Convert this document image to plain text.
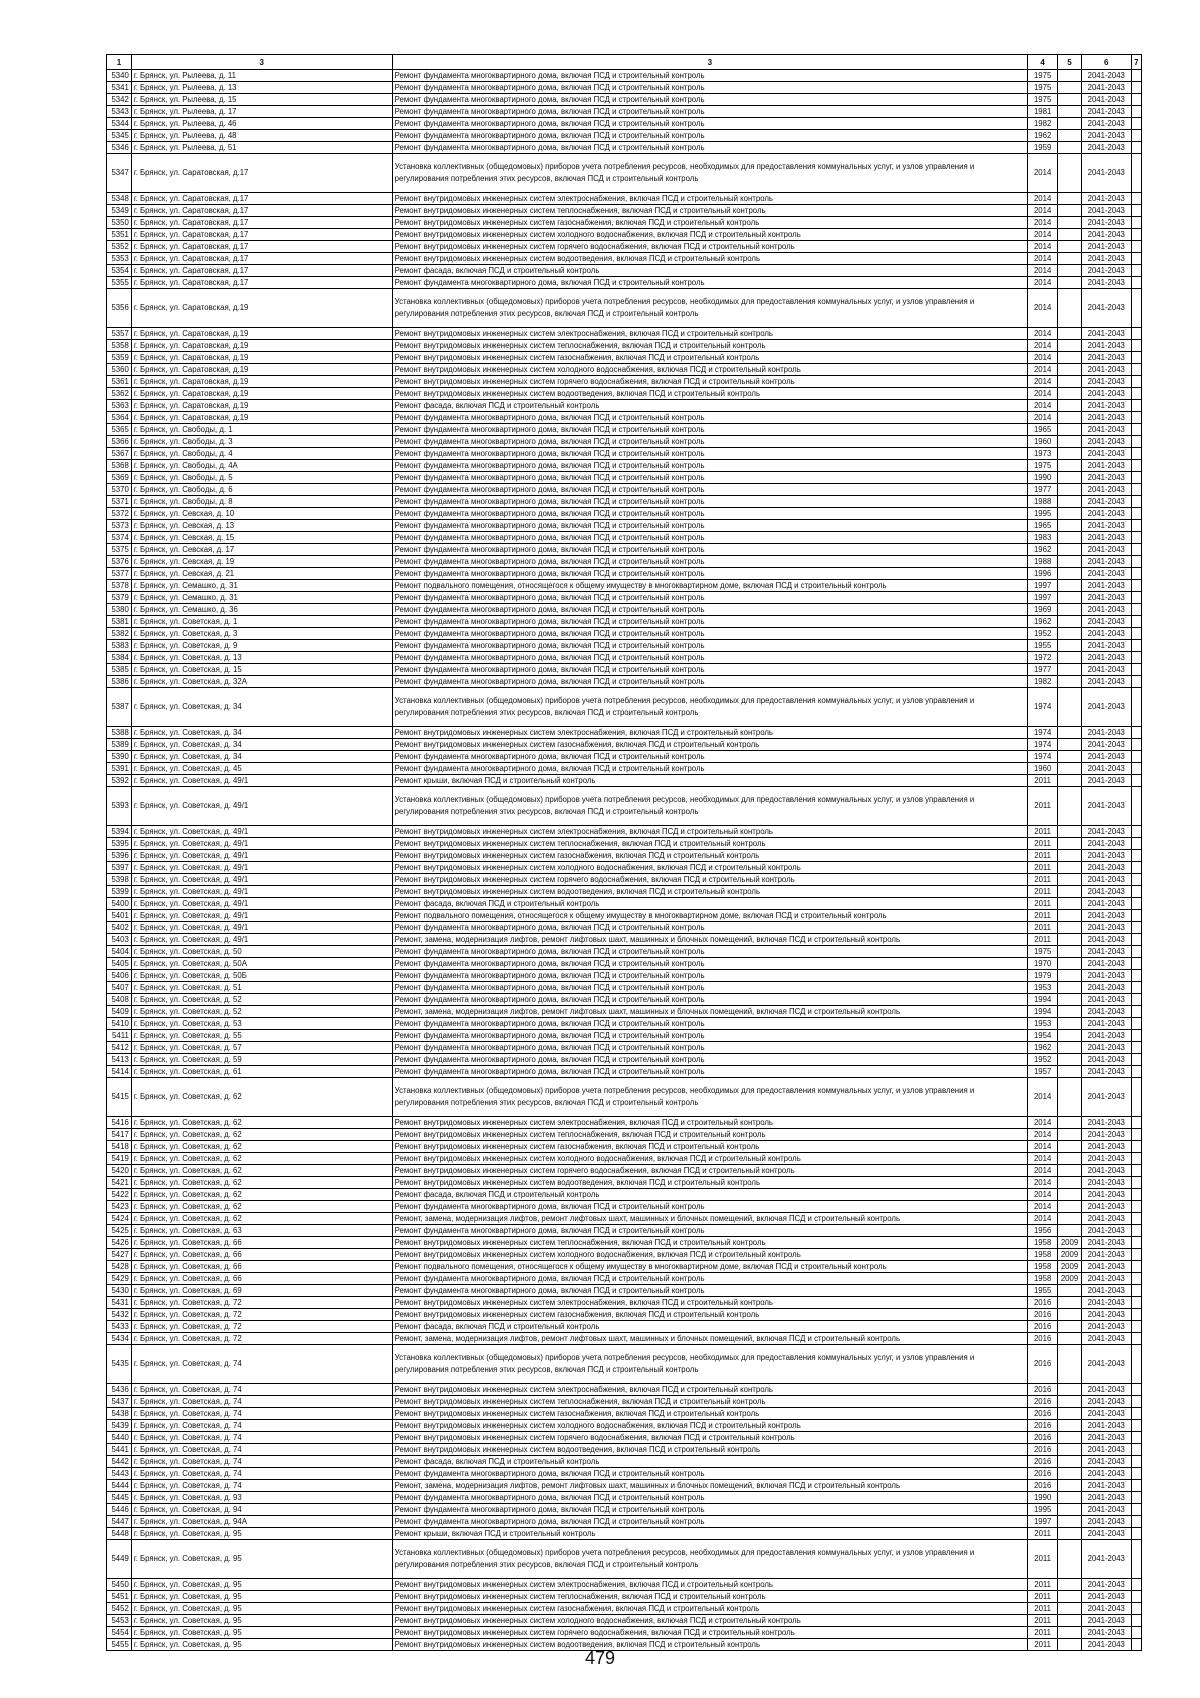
1	3	3	4	5	6	7
5340	г. Брянск, ул. Рылеева, д. 11	Ремонт фундамента многоквартирного дома, включая ПСД и строительный контроль	1975		2041-2043	
5341	г. Брянск, ул. Рылеева, д. 13	Ремонт фундамента многоквартирного дома, включая ПСД и строительный контроль	1975		2041-2043	
5342	г. Брянск, ул. Рылеева, д. 15	Ремонт фундамента многоквартирного дома, включая ПСД и строительный контроль	1975		2041-2043	
5343	г. Брянск, ул. Рылеева, д. 17	Ремонт фундамента многоквартирного дома, включая ПСД и строительный контроль	1981		2041-2043	
5344	г. Брянск, ул. Рылеева, д. 46	Ремонт фундамента многоквартирного дома, включая ПСД и строительный контроль	1982		2041-2043	
5345	г. Брянск, ул. Рылеева, д. 48	Ремонт фундамента многоквартирного дома, включая ПСД и строительный контроль	1962		2041-2043	
5346	г. Брянск, ул. Рылеева, д. 51	Ремонт фундамента многоквартирного дома, включая ПСД и строительный контроль	1959		2041-2043	
5347	г. Брянск, ул. Саратовская, д.17	Установка коллективных (общедомовых) приборов учета потребления ресурсов, необходимых для предоставления коммунальных услуг, и узлов управления и регулирования потребления этих ресурсов, включая ПСД и строительный контроль	2014		2041-2043	
5348	г. Брянск, ул. Саратовская, д.17	Ремонт внутридомовых инженерных систем электроснабжения, включая ПСД и строительный контроль	2014		2041-2043	
5349	г. Брянск, ул. Саратовская, д.17	Ремонт внутридомовых инженерных систем теплоснабжения, включая ПСД и строительный контроль	2014		2041-2043	
5350	г. Брянск, ул. Саратовская, д.17	Ремонт внутридомовых инженерных систем газоснабжения, включая ПСД и строительный контроль	2014		2041-2043	
5351	г. Брянск, ул. Саратовская, д.17	Ремонт внутридомовых инженерных систем холодного водоснабжения, включая ПСД и строительный контроль	2014		2041-2043	
5352	г. Брянск, ул. Саратовская, д.17	Ремонт внутридомовых инженерных систем горячего водоснабжения, включая ПСД и строительный контроль	2014		2041-2043	
5353	г. Брянск, ул. Саратовская, д.17	Ремонт внутридомовых инженерных систем водоотведения, включая ПСД и строительный контроль	2014		2041-2043	
5354	г. Брянск, ул. Саратовская, д.17	Ремонт фасада, включая ПСД и строительный контроль	2014		2041-2043	
5355	г. Брянск, ул. Саратовская, д.17	Ремонт фундамента многоквартирного дома, включая ПСД и строительный контроль	2014		2041-2043	
5356	г. Брянск, ул. Саратовская, д.19	Установка коллективных (общедомовых) приборов учета потребления ресурсов, необходимых для предоставления коммунальных услуг, и узлов управления и регулирования потребления этих ресурсов, включая ПСД и строительный контроль	2014		2041-2043	
5357	г. Брянск, ул. Саратовская, д.19	Ремонт внутридомовых инженерных систем электроснабжения, включая ПСД и строительный контроль	2014		2041-2043	
5358	г. Брянск, ул. Саратовская, д.19	Ремонт внутридомовых инженерных систем теплоснабжения, включая ПСД и строительный контроль	2014		2041-2043	
5359	г. Брянск, ул. Саратовская, д.19	Ремонт внутридомовых инженерных систем газоснабжения, включая ПСД и строительный контроль	2014		2041-2043	
5360	г. Брянск, ул. Саратовская, д.19	Ремонт внутридомовых инженерных систем холодного водоснабжения, включая ПСД и строительный контроль	2014		2041-2043	
5361	г. Брянск, ул. Саратовская, д.19	Ремонт внутридомовых инженерных систем горячего водоснабжения, включая ПСД и строительный контроль	2014		2041-2043	
5362	г. Брянск, ул. Саратовская, д.19	Ремонт внутридомовых инженерных систем водоотведения, включая ПСД и строительный контроль	2014		2041-2043	
5363	г. Брянск, ул. Саратовская, д.19	Ремонт фасада, включая ПСД и строительный контроль	2014		2041-2043	
5364	г. Брянск, ул. Саратовская, д.19	Ремонт фундамента многоквартирного дома, включая ПСД и строительный контроль	2014		2041-2043	
5365	г. Брянск, ул. Свободы, д. 1	Ремонт фундамента многоквартирного дома, включая ПСД и строительный контроль	1965		2041-2043	
5366	г. Брянск, ул. Свободы, д. 3	Ремонт фундамента многоквартирного дома, включая ПСД и строительный контроль	1960		2041-2043	
5367	г. Брянск, ул. Свободы, д. 4	Ремонт фундамента многоквартирного дома, включая ПСД и строительный контроль	1973		2041-2043	
5368	г. Брянск, ул. Свободы, д. 4А	Ремонт фундамента многоквартирного дома, включая ПСД и строительный контроль	1975		2041-2043	
5369	г. Брянск, ул. Свободы, д. 5	Ремонт фундамента многоквартирного дома, включая ПСД и строительный контроль	1990		2041-2043	
5370	г. Брянск, ул. Свободы, д. 6	Ремонт фундамента многоквартирного дома, включая ПСД и строительный контроль	1977		2041-2043	
5371	г. Брянск, ул. Свободы, д. 8	Ремонт фундамента многоквартирного дома, включая ПСД и строительный контроль	1988		2041-2043	
5372	г. Брянск, ул. Севская, д. 10	Ремонт фундамента многоквартирного дома, включая ПСД и строительный контроль	1995		2041-2043	
5373	г. Брянск, ул. Севская, д. 13	Ремонт фундамента многоквартирного дома, включая ПСД и строительный контроль	1965		2041-2043	
5374	г. Брянск, ул. Севская, д. 15	Ремонт фундамента многоквартирного дома, включая ПСД и строительный контроль	1983		2041-2043	
5375	г. Брянск, ул. Севская, д. 17	Ремонт фундамента многоквартирного дома, включая ПСД и строительный контроль	1962		2041-2043	
5376	г. Брянск, ул. Севская, д. 19	Ремонт фундамента многоквартирного дома, включая ПСД и строительный контроль	1988		2041-2043	
5377	г. Брянск, ул. Севская, д. 21	Ремонт фундамента многоквартирного дома, включая ПСД и строительный контроль	1996		2041-2043	
5378	г. Брянск, ул. Семашко, д. 31	Ремонт подвального помещения, относящегося к общему имуществу в многоквартирном доме, включая ПСД и строительный контроль	1997		2041-2043	
5379	г. Брянск, ул. Семашко, д. 31	Ремонт фундамента многоквартирного дома, включая ПСД и строительный контроль	1997		2041-2043	
5380	г. Брянск, ул. Семашко, д. 36	Ремонт фундамента многоквартирного дома, включая ПСД и строительный контроль	1969		2041-2043	
5381	г. Брянск, ул. Советская, д. 1	Ремонт фундамента многоквартирного дома, включая ПСД и строительный контроль	1962		2041-2043	
5382	г. Брянск, ул. Советская, д. 3	Ремонт фундамента многоквартирного дома, включая ПСД и строительный контроль	1952		2041-2043	
5383	г. Брянск, ул. Советская, д. 9	Ремонт фундамента многоквартирного дома, включая ПСД и строительный контроль	1955		2041-2043	
5384	г. Брянск, ул. Советская, д. 13	Ремонт фундамента многоквартирного дома, включая ПСД и строительный контроль	1972		2041-2043	
5385	г. Брянск, ул. Советская, д. 15	Ремонт фундамента многоквартирного дома, включая ПСД и строительный контроль	1977		2041-2043	
5386	г. Брянск, ул. Советская, д. 32А	Ремонт фундамента многоквартирного дома, включая ПСД и строительный контроль	1982		2041-2043	
5387	г. Брянск, ул. Советская, д. 34	Установка коллективных (общедомовых) приборов учета потребления ресурсов, необходимых для предоставления коммунальных услуг, и узлов управления и регулирования потребления этих ресурсов, включая ПСД и строительный контроль	1974		2041-2043	
5388	г. Брянск, ул. Советская, д. 34	Ремонт внутридомовых инженерных систем электроснабжения, включая ПСД и строительный контроль	1974		2041-2043	
5389	г. Брянск, ул. Советская, д. 34	Ремонт внутридомовых инженерных систем газоснабжения, включая ПСД и строительный контроль	1974		2041-2043	
5390	г. Брянск, ул. Советская, д. 34	Ремонт фундамента многоквартирного дома, включая ПСД и строительный контроль	1974		2041-2043	
5391	г. Брянск, ул. Советская, д. 45	Ремонт фундамента многоквартирного дома, включая ПСД и строительный контроль	1960		2041-2043	
5392	г. Брянск, ул. Советская, д. 49/1	Ремонт крыши, включая ПСД и строительный контроль	2011		2041-2043	
5393	г. Брянск, ул. Советская, д. 49/1	Установка коллективных (общедомовых) приборов учета потребления ресурсов, необходимых для предоставления коммунальных услуг, и узлов управления и регулирования потребления этих ресурсов, включая ПСД и строительный контроль	2011		2041-2043	
5394	г. Брянск, ул. Советская, д. 49/1	Ремонт внутридомовых инженерных систем электроснабжения, включая ПСД и строительный контроль	2011		2041-2043	
5395	г. Брянск, ул. Советская, д. 49/1	Ремонт внутридомовых инженерных систем теплоснабжения, включая ПСД и строительный контроль	2011		2041-2043	
5396	г. Брянск, ул. Советская, д. 49/1	Ремонт внутридомовых инженерных систем газоснабжения, включая ПСД и строительный контроль	2011		2041-2043	
5397	г. Брянск, ул. Советская, д. 49/1	Ремонт внутридомовых инженерных систем холодного водоснабжения, включая ПСД и строительный контроль	2011		2041-2043	
5398	г. Брянск, ул. Советская, д. 49/1	Ремонт внутридомовых инженерных систем горячего водоснабжения, включая ПСД и строительный контроль	2011		2041-2043	
5399	г. Брянск, ул. Советская, д. 49/1	Ремонт внутридомовых инженерных систем водоотведения, включая ПСД и строительный контроль	2011		2041-2043	
5400	г. Брянск, ул. Советская, д. 49/1	Ремонт фасада, включая ПСД и строительный контроль	2011		2041-2043	
5401	г. Брянск, ул. Советская, д. 49/1	Ремонт подвального помещения, относящегося к общему имуществу в многоквартирном доме, включая ПСД и строительный контроль	2011		2041-2043	
5402	г. Брянск, ул. Советская, д. 49/1	Ремонт фундамента многоквартирного дома, включая ПСД и строительный контроль	2011		2041-2043	
5403	г. Брянск, ул. Советская, д. 49/1	Ремонт, замена, модернизация лифтов, ремонт лифтовых шахт, машинных и блочных помещений, включая ПСД и строительный контроль	2011		2041-2043	
5404	г. Брянск, ул. Советская, д. 50	Ремонт фундамента многоквартирного дома, включая ПСД и строительный контроль	1975		2041-2043	
5405	г. Брянск, ул. Советская, д. 50А	Ремонт фундамента многоквартирного дома, включая ПСД и строительный контроль	1970		2041-2043	
5406	г. Брянск, ул. Советская, д. 50Б	Ремонт фундамента многоквартирного дома, включая ПСД и строительный контроль	1979		2041-2043	
5407	г. Брянск, ул. Советская, д. 51	Ремонт фундамента многоквартирного дома, включая ПСД и строительный контроль	1953		2041-2043	
5408	г. Брянск, ул. Советская, д. 52	Ремонт фундамента многоквартирного дома, включая ПСД и строительный контроль	1994		2041-2043	
5409	г. Брянск, ул. Советская, д. 52	Ремонт, замена, модернизация лифтов, ремонт лифтовых шахт, машинных и блочных помещений, включая ПСД и строительный контроль	1994		2041-2043	
5410	г. Брянск, ул. Советская, д. 53	Ремонт фундамента многоквартирного дома, включая ПСД и строительный контроль	1953		2041-2043	
5411	г. Брянск, ул. Советская, д. 55	Ремонт фундамента многоквартирного дома, включая ПСД и строительный контроль	1954		2041-2043	
5412	г. Брянск, ул. Советская, д. 57	Ремонт фундамента многоквартирного дома, включая ПСД и строительный контроль	1962		2041-2043	
5413	г. Брянск, ул. Советская, д. 59	Ремонт фундамента многоквартирного дома, включая ПСД и строительный контроль	1952		2041-2043	
5414	г. Брянск, ул. Советская, д. 61	Ремонт фундамента многоквартирного дома, включая ПСД и строительный контроль	1957		2041-2043	
5415	г. Брянск, ул. Советская, д. 62	Установка коллективных (общедомовых) приборов учета потребления ресурсов, необходимых для предоставления коммунальных услуг, и узлов управления и регулирования потребления этих ресурсов, включая ПСД и строительный контроль	2014		2041-2043	
5416	г. Брянск, ул. Советская, д. 62	Ремонт внутридомовых инженерных систем электроснабжения, включая ПСД и строительный контроль	2014		2041-2043	
5417	г. Брянск, ул. Советская, д. 62	Ремонт внутридомовых инженерных систем теплоснабжения, включая ПСД и строительный контроль	2014		2041-2043	
5418	г. Брянск, ул. Советская, д. 62	Ремонт внутридомовых инженерных систем газоснабжения, включая ПСД и строительный контроль	2014		2041-2043	
5419	г. Брянск, ул. Советская, д. 62	Ремонт внутридомовых инженерных систем холодного водоснабжения, включая ПСД и строительный контроль	2014		2041-2043	
5420	г. Брянск, ул. Советская, д. 62	Ремонт внутридомовых инженерных систем горячего водоснабжения, включая ПСД и строительный контроль	2014		2041-2043	
5421	г. Брянск, ул. Советская, д. 62	Ремонт внутридомовых инженерных систем водоотведения, включая ПСД и строительный контроль	2014		2041-2043	
5422	г. Брянск, ул. Советская, д. 62	Ремонт фасада, включая ПСД и строительный контроль	2014		2041-2043	
5423	г. Брянск, ул. Советская, д. 62	Ремонт фундамента многоквартирного дома, включая ПСД и строительный контроль	2014		2041-2043	
5424	г. Брянск, ул. Советская, д. 62	Ремонт, замена, модернизация лифтов, ремонт лифтовых шахт, машинных и блочных помещений, включая ПСД и строительный контроль	2014		2041-2043	
5425	г. Брянск, ул. Советская, д. 63	Ремонт фундамента многоквартирного дома, включая ПСД и строительный контроль	1956		2041-2043	
5426	г. Брянск, ул. Советская, д. 66	Ремонт внутридомовых инженерных систем теплоснабжения, включая ПСД и строительный контроль	1958	2009	2041-2043	
5427	г. Брянск, ул. Советская, д. 66	Ремонт внутридомовых инженерных систем холодного водоснабжения, включая ПСД и строительный контроль	1958	2009	2041-2043	
5428	г. Брянск, ул. Советская, д. 66	Ремонт подвального помещения, относящегося к общему имуществу в многоквартирном доме, включая ПСД и строительный контроль	1958	2009	2041-2043	
5429	г. Брянск, ул. Советская, д. 66	Ремонт фундамента многоквартирного дома, включая ПСД и строительный контроль	1958	2009	2041-2043	
5430	г. Брянск, ул. Советская, д. 69	Ремонт фундамента многоквартирного дома, включая ПСД и строительный контроль	1955		2041-2043	
5431	г. Брянск, ул. Советская, д. 72	Ремонт внутридомовых инженерных систем электроснабжения, включая ПСД и строительный контроль	2016		2041-2043	
5432	г. Брянск, ул. Советская, д. 72	Ремонт внутридомовых инженерных систем газоснабжения, включая ПСД и строительный контроль	2016		2041-2043	
5433	г. Брянск, ул. Советская, д. 72	Ремонт фасада, включая ПСД и строительный контроль	2016		2041-2043	
5434	г. Брянск, ул. Советская, д. 72	Ремонт, замена, модернизация лифтов, ремонт лифтовых шахт, машинных и блочных помещений, включая ПСД и строительный контроль	2016		2041-2043	
5435	г. Брянск, ул. Советская, д. 74	Установка коллективных (общедомовых) приборов учета потребления ресурсов, необходимых для предоставления коммунальных услуг, и узлов управления и регулирования потребления этих ресурсов, включая ПСД и строительный контроль	2016		2041-2043	
5436	г. Брянск, ул. Советская, д. 74	Ремонт внутридомовых инженерных систем электроснабжения, включая ПСД и строительный контроль	2016		2041-2043	
5437	г. Брянск, ул. Советская, д. 74	Ремонт внутридомовых инженерных систем теплоснабжения, включая ПСД и строительный контроль	2016		2041-2043	
5438	г. Брянск, ул. Советская, д. 74	Ремонт внутридомовых инженерных систем газоснабжения, включая ПСД и строительный контроль	2016		2041-2043	
5439	г. Брянск, ул. Советская, д. 74	Ремонт внутридомовых инженерных систем холодного водоснабжения, включая ПСД и строительный контроль	2016		2041-2043	
5440	г. Брянск, ул. Советская, д. 74	Ремонт внутридомовых инженерных систем горячего водоснабжения, включая ПСД и строительный контроль	2016		2041-2043	
5441	г. Брянск, ул. Советская, д. 74	Ремонт внутридомовых инженерных систем водоотведения, включая ПСД и строительный контроль	2016		2041-2043	
5442	г. Брянск, ул. Советская, д. 74	Ремонт фасада, включая ПСД и строительный контроль	2016		2041-2043	
5443	г. Брянск, ул. Советская, д. 74	Ремонт фундамента многоквартирного дома, включая ПСД и строительный контроль	2016		2041-2043	
5444	г. Брянск, ул. Советская, д. 74	Ремонт, замена, модернизация лифтов, ремонт лифтовых шахт, машинных и блочных помещений, включая ПСД и строительный контроль	2016		2041-2043	
5445	г. Брянск, ул. Советская, д. 93	Ремонт фундамента многоквартирного дома, включая ПСД и строительный контроль	1990		2041-2043	
5446	г. Брянск, ул. Советская, д. 94	Ремонт фундамента многоквартирного дома, включая ПСД и строительный контроль	1995		2041-2043	
5447	г. Брянск, ул. Советская, д. 94А	Ремонт фундамента многоквартирного дома, включая ПСД и строительный контроль	1997		2041-2043	
5448	г. Брянск, ул. Советская, д. 95	Ремонт крыши, включая ПСД и строительный контроль	2011		2041-2043	
5449	г. Брянск, ул. Советская, д. 95	Установка коллективных (общедомовых) приборов учета потребления ресурсов, необходимых для предоставления коммунальных услуг, и узлов управления и регулирования потребления этих ресурсов, включая ПСД и строительный контроль	2011		2041-2043	
5450	г. Брянск, ул. Советская, д. 95	Ремонт внутридомовых инженерных систем электроснабжения, включая ПСД и строительный контроль	2011		2041-2043	
5451	г. Брянск, ул. Советская, д. 95	Ремонт внутридомовых инженерных систем теплоснабжения, включая ПСД и строительный контроль	2011		2041-2043	
5452	г. Брянск, ул. Советская, д. 95	Ремонт внутридомовых инженерных систем газоснабжения, включая ПСД и строительный контроль	2011		2041-2043	
5453	г. Брянск, ул. Советская, д. 95	Ремонт внутридомовых инженерных систем холодного водоснабжения, включая ПСД и строительный контроль	2011		2041-2043	
5454	г. Брянск, ул. Советская, д. 95	Ремонт внутридомовых инженерных систем горячего водоснабжения, включая ПСД и строительный контроль	2011		2041-2043	
5455	г. Брянск, ул. Советская, д. 95	Ремонт внутридомовых инженерных систем водоотведения, включая ПСД и строительный контроль	2011		2041-2043	
479
